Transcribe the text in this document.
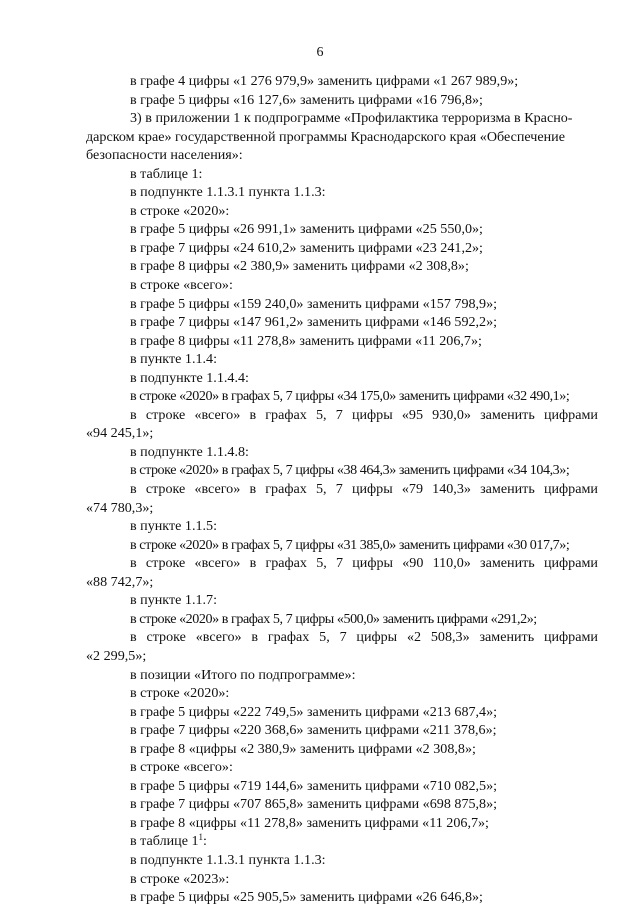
6
в графе 4 цифры «1 276 979,9» заменить цифрами «1 267 989,9»;
в графе 5 цифры «16 127,6» заменить цифрами «16 796,8»;
3) в приложении 1 к подпрограмме «Профилактика терроризма в Красно-
дарском крае» государственной программы Краснодарского края «Обеспечение
безопасности населения»:
в таблице 1:
в подпункте 1.1.3.1 пункта 1.1.3:
в строке «2020»:
в графе 5 цифры «26 991,1» заменить цифрами «25 550,0»;
в графе 7 цифры «24 610,2» заменить цифрами «23 241,2»;
в графе 8 цифры «2 380,9» заменить цифрами «2 308,8»;
в строке «всего»:
в графе 5 цифры «159 240,0» заменить цифрами «157 798,9»;
в графе 7 цифры «147 961,2» заменить цифрами «146 592,2»;
в графе 8 цифры «11 278,8» заменить цифрами «11 206,7»;
в пункте 1.1.4:
в подпункте 1.1.4.4:
в строке «2020» в графах 5, 7 цифры «34 175,0» заменить цифрами «32 490,1»;
в строке «всего» в графах 5, 7 цифры «95 930,0» заменить цифрами
«94 245,1»;
в подпункте 1.1.4.8:
в строке «2020» в графах 5, 7 цифры «38 464,3» заменить цифрами «34 104,3»;
в строке «всего» в графах 5, 7 цифры «79 140,3» заменить цифрами
«74 780,3»;
в пункте 1.1.5:
в строке «2020» в графах 5, 7 цифры «31 385,0» заменить цифрами «30 017,7»;
в строке «всего» в графах 5, 7 цифры «90 110,0» заменить цифрами
«88 742,7»;
в пункте 1.1.7:
в строке «2020» в графах 5, 7 цифры «500,0» заменить цифрами «291,2»;
в строке «всего» в графах 5, 7 цифры «2 508,3» заменить цифрами
«2 299,5»;
в позиции «Итого по подпрограмме»:
в строке «2020»:
в графе 5 цифры «222 749,5» заменить цифрами «213 687,4»;
в графе 7 цифры «220 368,6» заменить цифрами «211 378,6»;
в графе 8 «цифры «2 380,9» заменить цифрами «2 308,8»;
в строке «всего»:
в графе 5 цифры «719 144,6» заменить цифрами «710 082,5»;
в графе 7 цифры «707 865,8» заменить цифрами «698 875,8»;
в графе 8 «цифры «11 278,8» заменить цифрами «11 206,7»;
в таблице $1^1$:
в подпункте 1.1.3.1 пункта 1.1.3:
в строке «2023»:
в графе 5 цифры «25 905,5» заменить цифрами «26 646,8»;
